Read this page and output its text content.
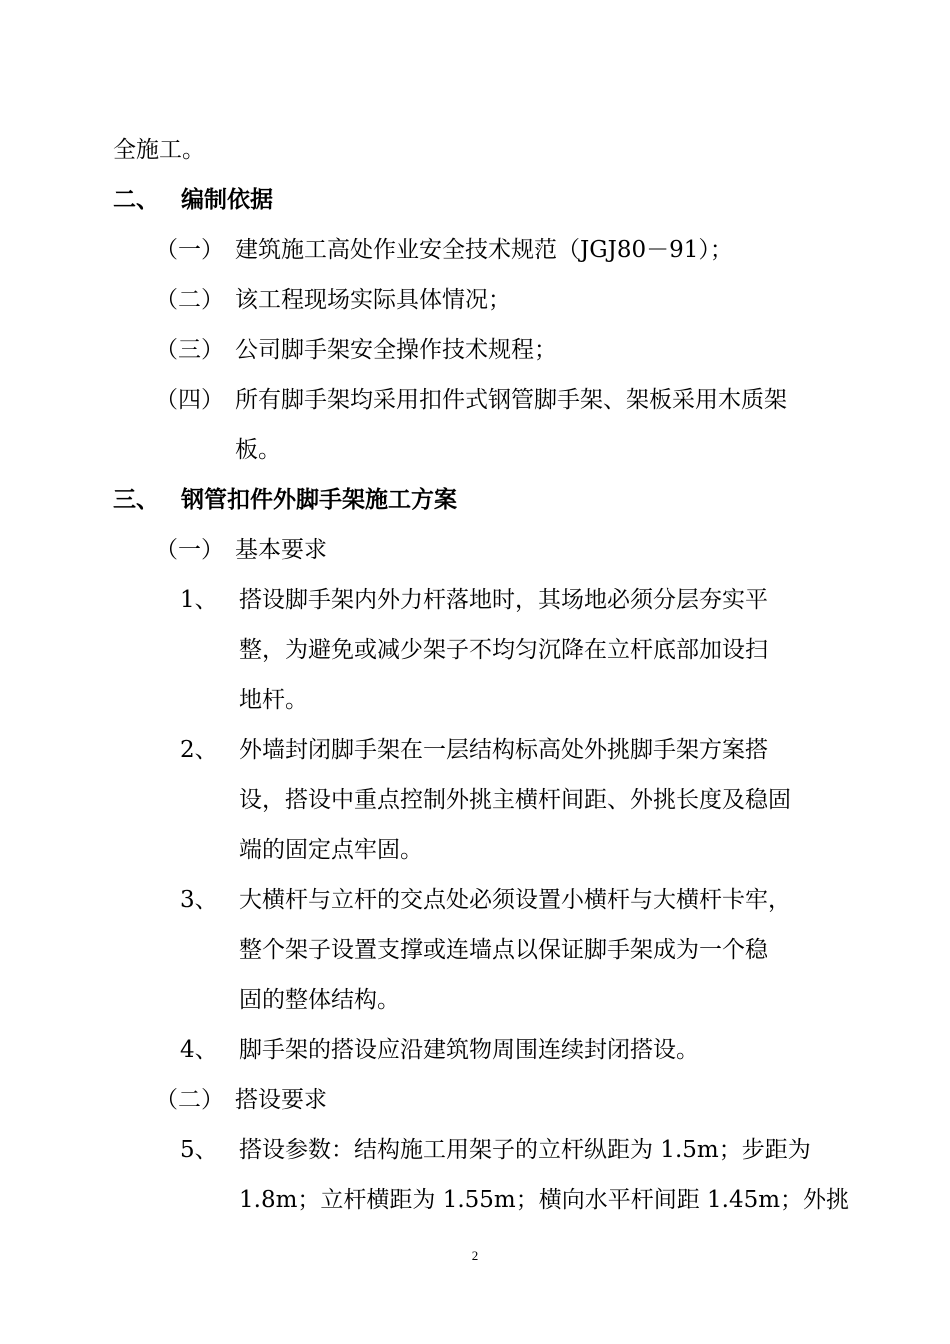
全施工。

二、 编制依据

（一） 建筑施工高处作业安全技术规范（JGJ80－91）；

（二） 该工程现场实际具体情况；

（三） 公司脚手架安全操作技术规程；

（四） 所有脚手架均采用扣件式钢管脚手架、架板采用木质架

板。

三、 钢管扣件外脚手架施工方案

（一） 基本要求

1、 搭设脚手架内外力杆落地时，其场地必须分层夯实平

整，为避免或减少架子不均匀沉降在立杆底部加设扫

地杆。

2、 外墙封闭脚手架在一层结构标高处外挑脚手架方案搭

设，搭设中重点控制外挑主横杆间距、外挑长度及稳固

端的固定点牢固。

3、 大横杆与立杆的交点处必须设置小横杆与大横杆卡牢，

整个架子设置支撑或连墙点以保证脚手架成为一个稳

固的整体结构。

4、 脚手架的搭设应沿建筑物周围连续封闭搭设。

（二） 搭设要求

5、 搭设参数：结构施工用架子的立杆纵距为 1.5m；步距为

1.8m；立杆横距为 1.55m；横向水平杆间距 1.45m；外挑

2
